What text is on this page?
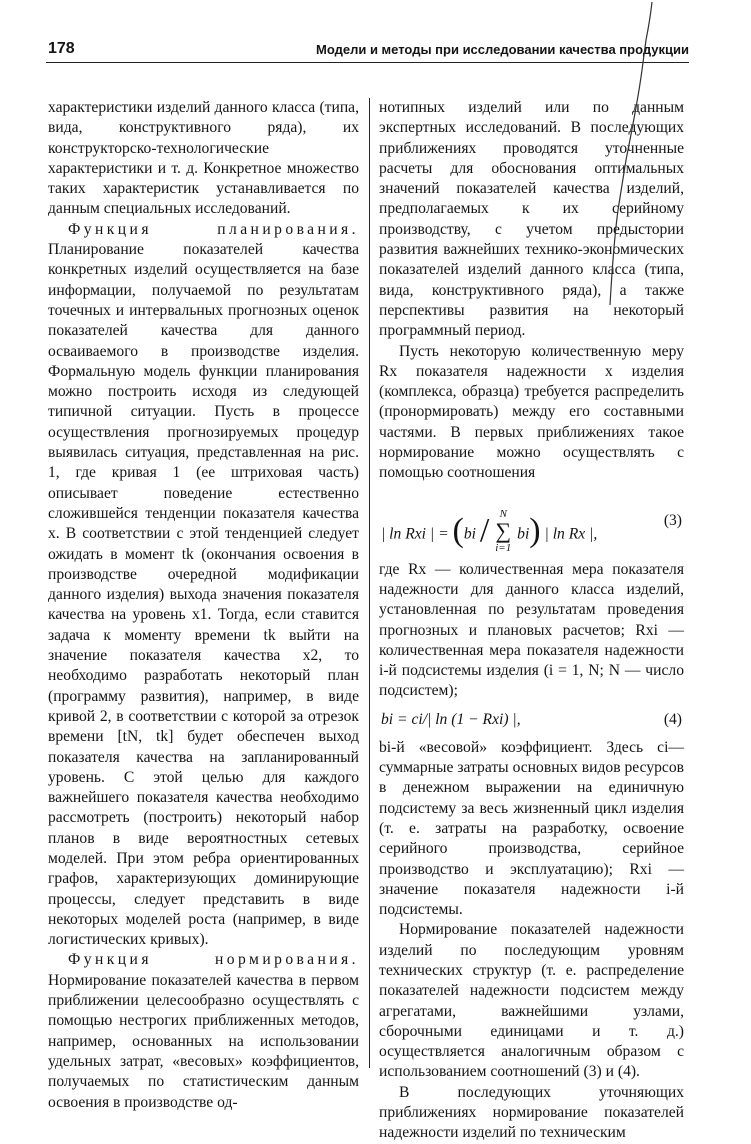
178	Модели и методы при исследовании качества продукции

характеристики изделий данного класса (типа, вида, конструктивного ряда), их конструкторско-технологические характеристики и т. д. Конкретное множество таких характеристик устанавливается по данным специальных исследований.

Функция планирования. Планирование показателей качества конкретных изделий осуществляется на базе информации, получаемой по результатам точечных и интервальных прогнозных оценок показателей качества для данного осваиваемого в производстве изделия. Формальную модель функции планирования можно построить исходя из следующей типичной ситуации. Пусть в процессе осуществления прогнозируемых процедур выявилась ситуация, представленная на рис. 1, где кривая 1 (ее штриховая часть) описывает поведение естественно сложившейся тенденции показателя качества x. В соответствии с этой тенденцией следует ожидать в момент tk (окончания освоения в производстве очередной модификации данного изделия) выхода значения показателя качества на уровень x1. Тогда, если ставится задача к моменту времени tk выйти на значение показателя качества x2, то необходимо разработать некоторый план (программу развития), например, в виде кривой 2, в соответствии с которой за отрезок времени [tN, tk] будет обеспечен выход показателя качества на запланированный уровень. С этой целью для каждого важнейшего показателя качества необходимо рассмотреть (построить) некоторый набор планов в виде вероятностных сетевых моделей. При этом ребра ориентированных графов, характеризующих доминирующие процессы, следует представить в виде некоторых моделей роста (например, в виде логистических кривых).

Функция нормирования. Нормирование показателей качества в первом приближении целесообразно осуществлять с помощью нестрогих приближенных методов, например, основанных на использовании удельных затрат, «весовых» коэффициентов, получаемых по статистическим данным освоения в производстве од-

нотипных изделий или по данным экспертных исследований. В последующих приближениях проводятся уточненные расчеты для обоснования оптимальных значений показателей качества изделий, предполагаемых к их серийному производству, с учетом предыстории развития важнейших технико-экономических показателей изделий данного класса (типа, вида, конструктивного ряда), а также перспективы развития на некоторый программный период.

Пусть некоторую количественную меру Rx показателя надежности x изделия (комплекса, образца) требуется распределить (пронормировать) между его составными частями. В первых приближениях такое нормирование можно осуществлять с помощью соотношения

| ln Rxi | = (bi / N
∑
i=1
bi) | ln Rx |,
(3)

где Rx — количественная мера показателя надежности для данного класса изделий, установленная по результатам проведения прогнозных и плановых расчетов; Rxi — количественная мера показателя надежности i-й подсистемы изделия (i = 1, N; N — число подсистем);

bi = ci/| ln (1 − Rxi) |,	(4)

bi-й «весовой» коэффициент. Здесь ci— суммарные затраты основных видов ресурсов в денежном выражении на единичную подсистему за весь жизненный цикл изделия (т. е. затраты на разработку, освоение серийного производства, серийное производство и эксплуатацию); Rxi — значение показателя надежности i-й подсистемы.

Нормирование показателей надежности изделий по последующим уровням технических структур (т. е. распределение показателей надежности подсистем между агрегатами, важнейшими узлами, сборочными единицами и т. д.) осуществляется аналогичным образом с использованием соотношений (3) и (4).

В последующих уточняющих приближениях нормирование показателей надежности изделий по техническим
